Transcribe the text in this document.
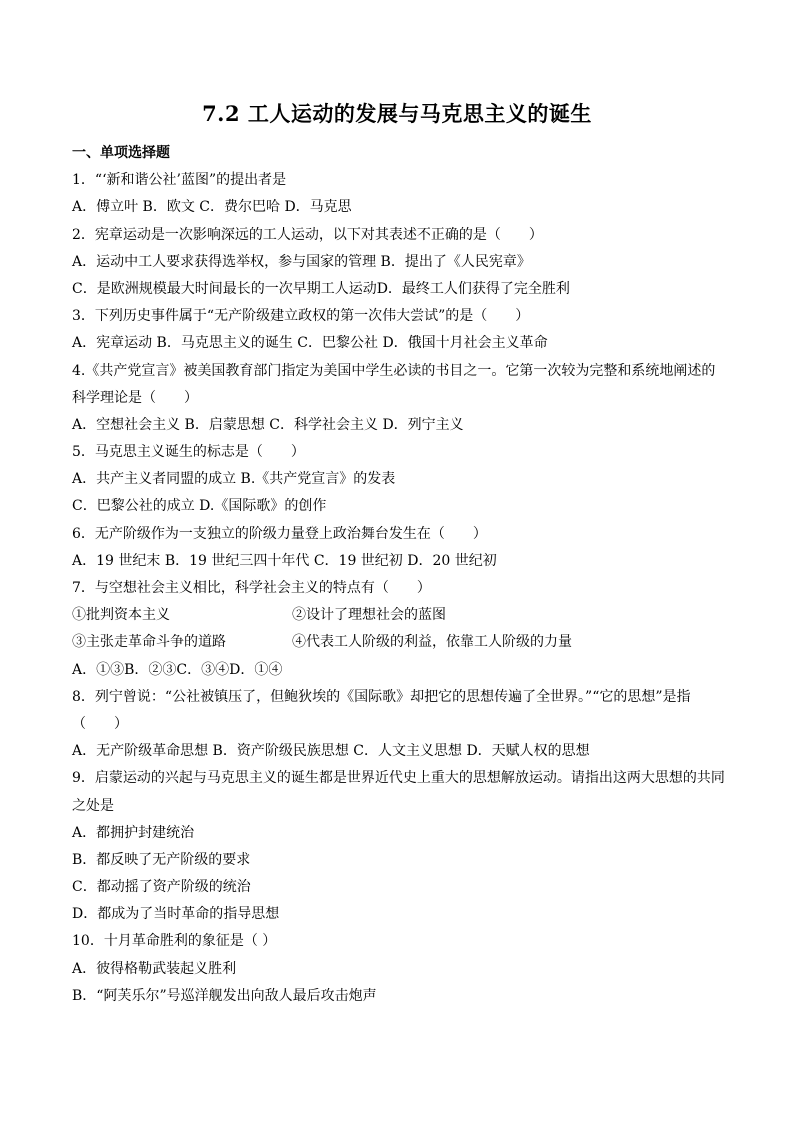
7.2 工人运动的发展与马克思主义的诞生
一、单项选择题
1．“‘新和谐公社’蓝图”的提出者是
A．傅立叶 B．欧文 C．费尔巴哈 D．马克思
2．宪章运动是一次影响深远的工人运动，以下对其表述不正确的是（　　）
A．运动中工人要求获得选举权，参与国家的管理 B．提出了《人民宪章》
C．是欧洲规模最大时间最长的一次早期工人运动D．最终工人们获得了完全胜利
3．下列历史事件属于“无产阶级建立政权的第一次伟大尝试”的是（　　）
A．宪章运动 B．马克思主义的诞生 C．巴黎公社 D．俄国十月社会主义革命
4.《共产党宣言》被美国教育部门指定为美国中学生必读的书目之一。它第一次较为完整和系统地阐述的
科学理论是（　　）
A．空想社会主义 B．启蒙思想 C．科学社会主义 D．列宁主义
5．马克思主义诞生的标志是（　　）
A．共产主义者同盟的成立 B.《共产党宣言》的发表
C．巴黎公社的成立 D.《国际歌》的创作
6．无产阶级作为一支独立的阶级力量登上政治舞台发生在（　　）
A．19 世纪末 B．19 世纪三四十年代 C．19 世纪初 D．20 世纪初
7．与空想社会主义相比，科学社会主义的特点有（　　）
①批判资本主义	②设计了理想社会的蓝图
③主张走革命斗争的道路	④代表工人阶级的利益，依靠工人阶级的力量
A．①③B．②③C．③④D．①④
8．列宁曾说：“公社被镇压了，但鲍狄埃的《国际歌》却把它的思想传遍了全世界。”“它的思想”是指
（　　）
A．无产阶级革命思想 B．资产阶级民族思想 C．人文主义思想 D．天赋人权的思想
9．启蒙运动的兴起与马克思主义的诞生都是世界近代史上重大的思想解放运动。请指出这两大思想的共同
之处是
A．都拥护封建统治
B．都反映了无产阶级的要求
C．都动摇了资产阶级的统治
D．都成为了当时革命的指导思想
10．十月革命胜利的象征是（ ）
A．彼得格勒武装起义胜利
B．“阿芙乐尔”号巡洋舰发出向敌人最后攻击炮声
